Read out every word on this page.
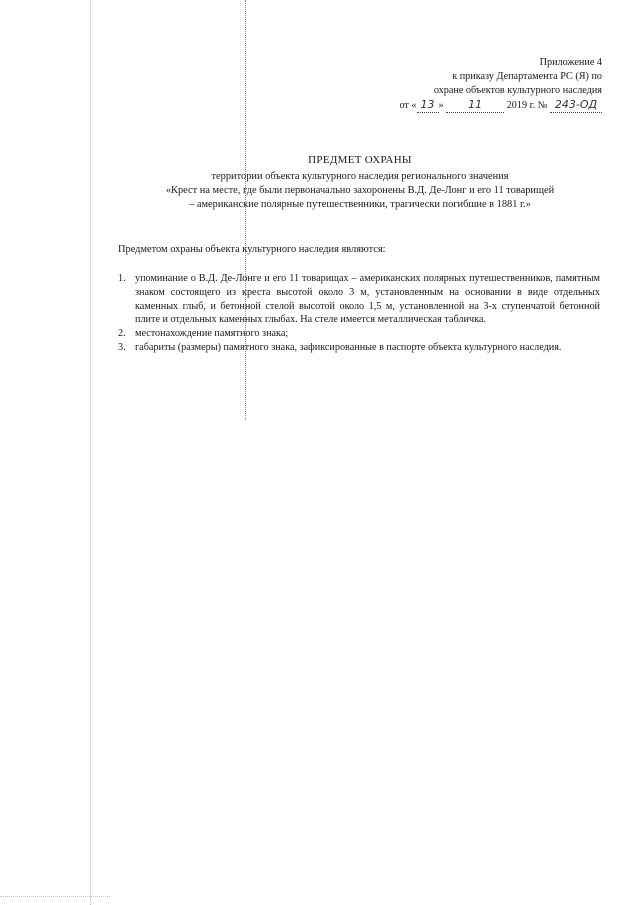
Приложение 4
к приказу Департамента РС (Я) по
охране объектов культурного наследия
от « 13 » 11 2019 г. № 243-ОД
ПРЕДМЕТ ОХРАНЫ
территории объекта культурного наследия регионального значения
«Крест на месте, где были первоначально захоронены В.Д. Де-Лонг и его 11 товарищей
– американские полярные путешественники, трагически погибшие в 1881 г.»
Предметом охраны объекта культурного наследия являются:
1. упоминание о В.Д. Де-Лонге и его 11 товарищах – американских полярных путешественников, памятным знаком состоящего из креста высотой около 3 м, установленным на основании в виде отдельных каменных глыб, и бетонной стелой высотой около 1,5 м, установленной на 3-х ступенчатой бетонной плите и отдельных каменных глыбах. На стеле имеется металлическая табличка.
2. местонахождение памятного знака;
3. габариты (размеры) памятного знака, зафиксированные в паспорте объекта культурного наследия.
